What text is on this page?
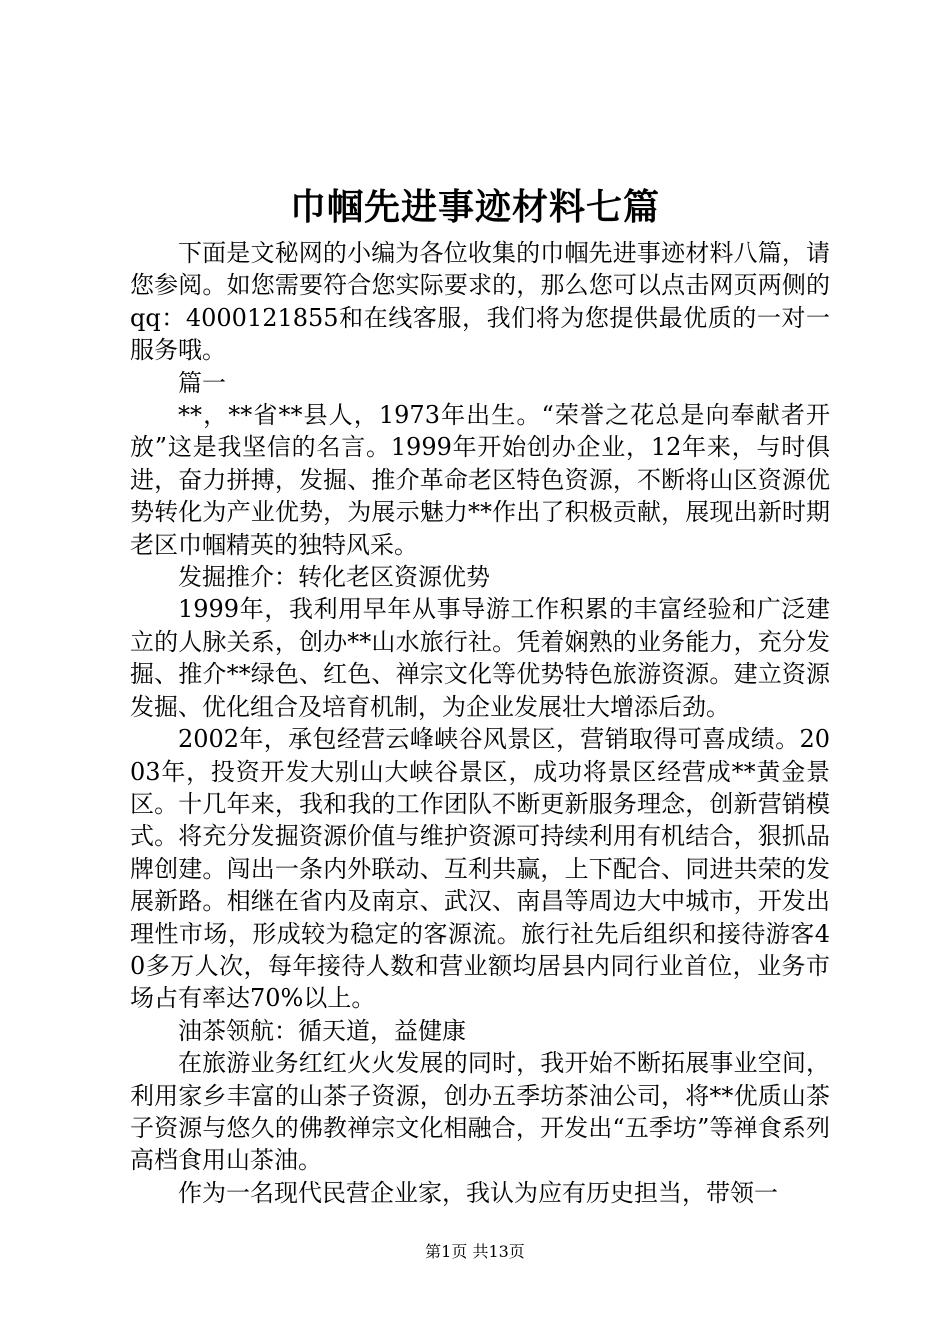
巾帼先进事迹材料七篇

下面是文秘网的小编为各位收集的巾帼先进事迹材料八篇，请您参阅。如您需要符合您实际要求的，那么您可以点击网页两侧的qq：4000121855和在线客服，我们将为您提供最优质的一对一服务哦。

篇一

**，**省**县人，1973年出生。“荣誉之花总是向奉献者开放”这是我坚信的名言。1999年开始创办企业，12年来，与时俱进，奋力拼搏，发掘、推介革命老区特色资源，不断将山区资源优势转化为产业优势，为展示魅力**作出了积极贡献，展现出新时期老区巾帼精英的独特风采。

发掘推介：转化老区资源优势

1999年，我利用早年从事导游工作积累的丰富经验和广泛建立的人脉关系，创办**山水旅行社。凭着娴熟的业务能力，充分发掘、推介**绿色、红色、禅宗文化等优势特色旅游资源。建立资源发掘、优化组合及培育机制，为企业发展壮大增添后劲。

2002年，承包经营云峰峡谷风景区，营销取得可喜成绩。2003年，投资开发大别山大峡谷景区，成功将景区经营成**黄金景区。十几年来，我和我的工作团队不断更新服务理念，创新营销模式。将充分发掘资源价值与维护资源可持续利用有机结合，狠抓品牌创建。闯出一条内外联动、互利共赢，上下配合、同进共荣的发展新路。相继在省内及南京、武汉、南昌等周边大中城市，开发出理性市场，形成较为稳定的客源流。旅行社先后组织和接待游客40多万人次，每年接待人数和营业额均居县内同行业首位，业务市场占有率达70%以上。

油茶领航：循天道，益健康

在旅游业务红红火火发展的同时，我开始不断拓展事业空间，利用家乡丰富的山茶子资源，创办五季坊茶油公司，将**优质山茶子资源与悠久的佛教禅宗文化相融合，开发出“五季坊”等禅食系列高档食用山茶油。

作为一名现代民营企业家，我认为应有历史担当，带领一

第1页 共13页
